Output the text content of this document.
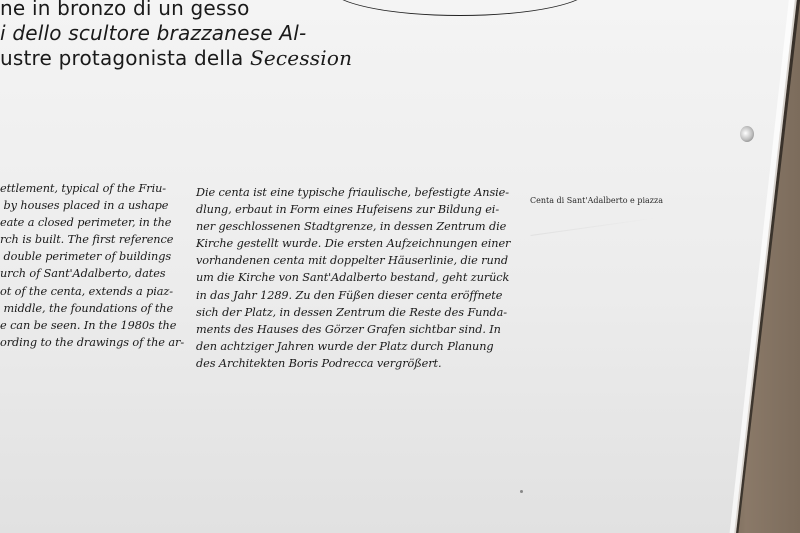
ne in bronzo di un gesso
i dello scultore brazzanese Al-
ustre protagonista della Secession
ettlement, typical of the Friu-
by houses placed in a ushape
eate a closed perimeter, in the
rch is built. The first reference
double perimeter of buildings
urch of Sant'Adalberto, dates
ot of the centa, extends a piaz-
middle, the foundations of the
e can be seen. In the 1980s the
ording to the drawings of the ar-
Die centa ist eine typische friaulische, befestigte Ansie-
dlung, erbaut in Form eines Hufeisens zur Bildung ei-
ner geschlossenen Stadtgrenze, in dessen Zentrum die
Kirche gestellt wurde. Die ersten Aufzeichnungen einer
vorhandenen centa mit doppelter Häuserlinie, die rund
um die Kirche von Sant'Adalberto bestand, geht zurück
in das Jahr 1289. Zu den Füßen dieser centa eröffnete
sich der Platz, in dessen Zentrum die Reste des Funda-
ments des Hauses des Görzer Grafen sichtbar sind. In
den achtziger Jahren wurde der Platz durch Planung
des Architekten Boris Podrecca vergrößert.
Centa di Sant'Adalberto e piazza
